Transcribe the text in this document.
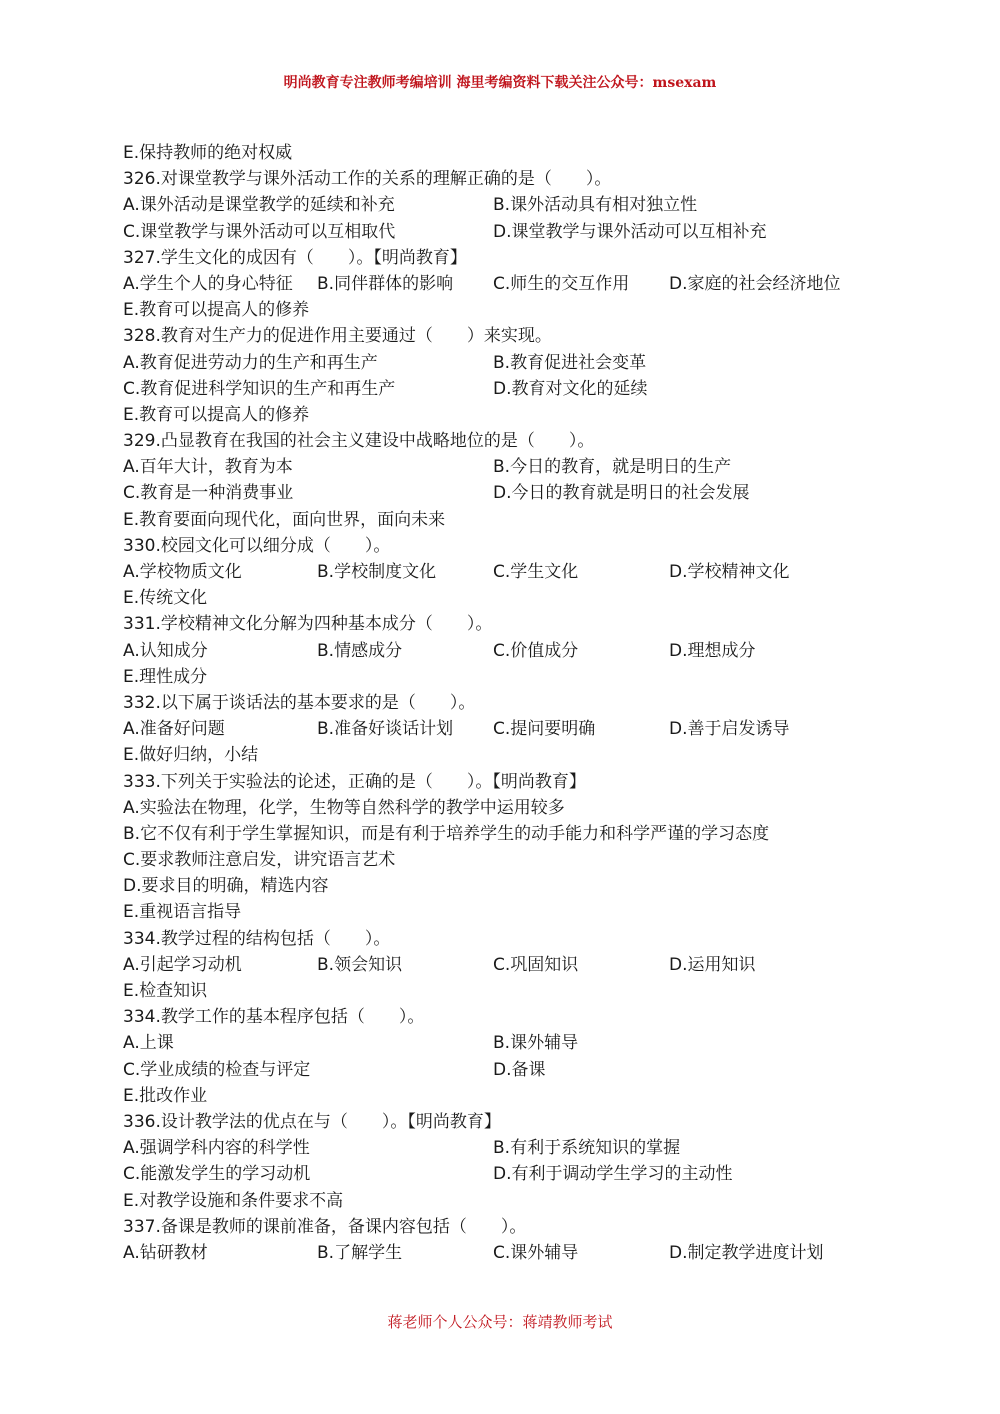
明尚教育专注教师考编培训 海里考编资料下载关注公众号：msexam
E.保持教师的绝对权威
326.对课堂教学与课外活动工作的关系的理解正确的是（　　）。
A.课外活动是课堂教学的延续和补充	B.课外活动具有相对独立性
C.课堂教学与课外活动可以互相取代	D.课堂教学与课外活动可以互相补充
327.学生文化的成因有（　　）。【明尚教育】
A.学生个人的身心特征 B.同伴群体的影响 C.师生的交互作用 D.家庭的社会经济地位
E.教育可以提高人的修养
328.教育对生产力的促进作用主要通过（　　）来实现。
A.教育促进劳动力的生产和再生产	B.教育促进社会变革
C.教育促进科学知识的生产和再生产	D.教育对文化的延续
E.教育可以提高人的修养
329.凸显教育在我国的社会主义建设中战略地位的是（　　）。
A.百年大计，教育为本	B.今日的教育，就是明日的生产
C.教育是一种消费事业	D.今日的教育就是明日的社会发展
E.教育要面向现代化，面向世界，面向未来
330.校园文化可以细分成（　　）。
A.学校物质文化	B.学校制度文化	C.学生文化	D.学校精神文化
E.传统文化
331.学校精神文化分解为四种基本成分（　　）。
A.认知成分	B.情感成分	C.价值成分	D.理想成分
E.理性成分
332.以下属于谈话法的基本要求的是（　　）。
A.准备好问题	B.准备好谈话计划 C.提问要明确	D.善于启发诱导
E.做好归纳，小结
333.下列关于实验法的论述，正确的是（　　）。【明尚教育】
A.实验法在物理，化学，生物等自然科学的教学中运用较多
B.它不仅有利于学生掌握知识，而是有利于培养学生的动手能力和科学严谨的学习态度
C.要求教师注意启发，讲究语言艺术
D.要求目的明确，精选内容
E.重视语言指导
334.教学过程的结构包括（　　）。
A.引起学习动机	B.领会知识	C.巩固知识	D.运用知识
E.检查知识
334.教学工作的基本程序包括（　　）。
A.上课	B.课外辅导
C.学业成绩的检查与评定	D.备课
E.批改作业
336.设计教学法的优点在与（　　）。【明尚教育】
A.强调学科内容的科学性	B.有利于系统知识的掌握
C.能激发学生的学习动机	D.有利于调动学生学习的主动性
E.对教学设施和条件要求不高
337.备课是教师的课前准备，备课内容包括（　　）。
A.钻研教材	B.了解学生	C.课外辅导	D.制定教学进度计划
蒋老师个人公众号：蒋靖教师考试
